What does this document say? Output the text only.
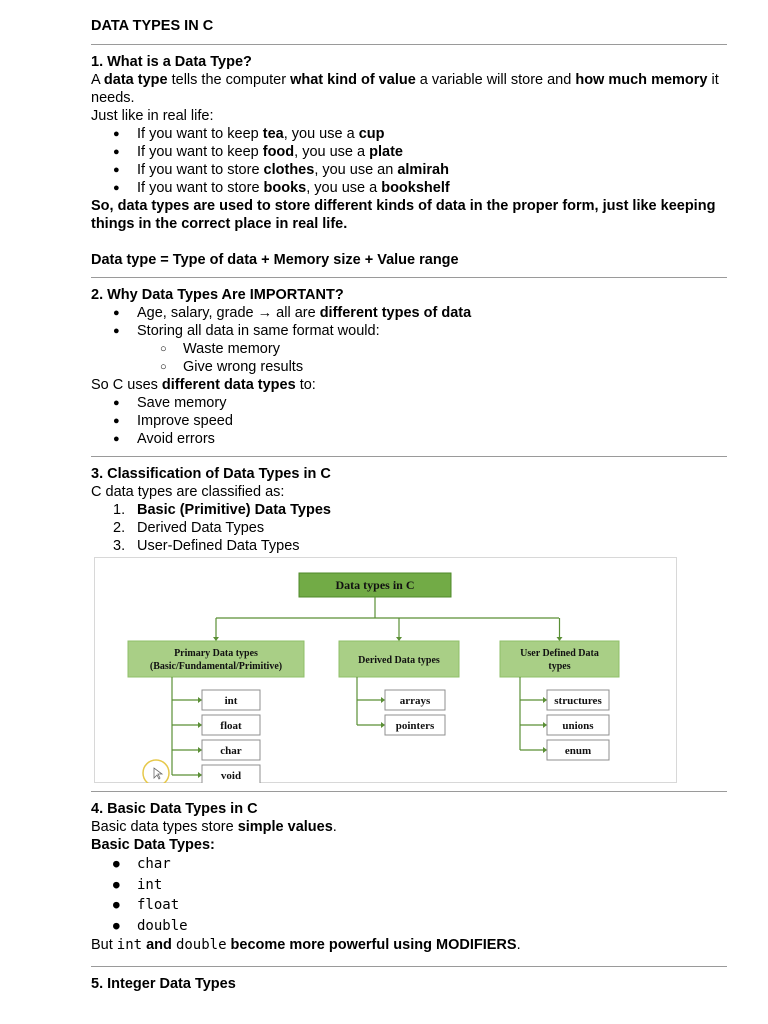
DATA TYPES IN C

1. What is a Data Type?

A data type tells the computer what kind of value a variable will store and how much memory it needs.

Just like in real life:

● If you want to keep tea, you use a cup
● If you want to keep food, you use a plate
● If you want to store clothes, you use an almirah
● If you want to store books, you use a bookshelf

So, data types are used to store different kinds of data in the proper form, just like keeping things in the correct place in real life.

Data type = Type of data + Memory size + Value range

2. Why Data Types Are IMPORTANT?
● Age, salary, grade → all are different types of data
● Storing all data in same format would:
○ Waste memory
○ Give wrong results

So C uses different data types to:

● Save memory
● Improve speed
● Avoid errors
3. Classification of Data Types in C

C data types are classified as:

1. Basic (Primitive) Data Types
2. Derived Data Types
3. User-Defined Data Types
Data types in C
Primary Data types
(Basic/Fundamental/Primitive)
int
float
char
void
Derived Data types
arrays
pointers
User Defined Data
types
structures
unions
enum
4. Basic Data Types in C

Basic data types store simple values.

Basic Data Types:

● char
● int
● float
● double

But int and double become more powerful using MODIFIERS.

5. Integer Data Types
